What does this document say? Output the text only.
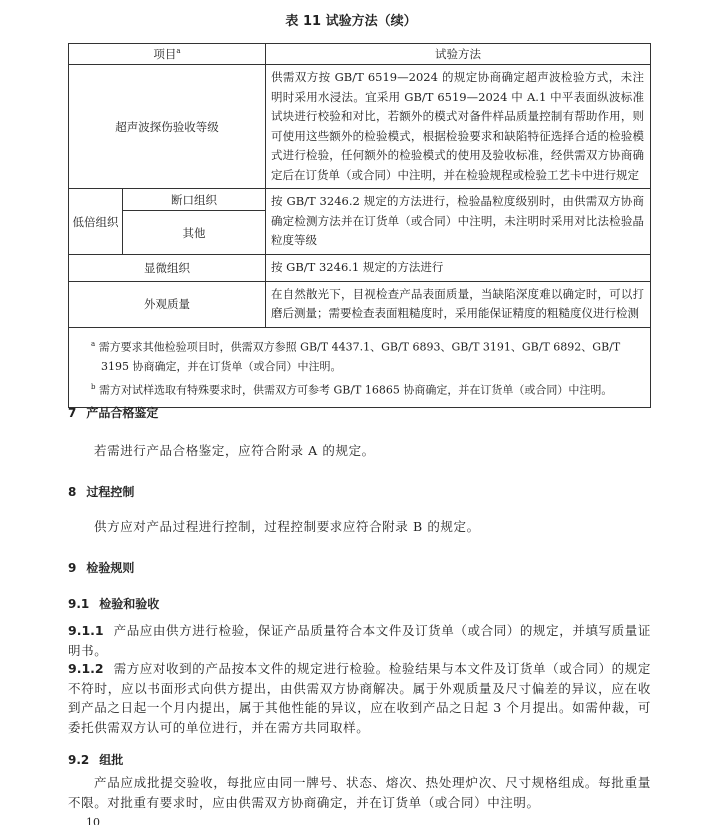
表 11 试验方法（续）
项目$^a$		试验方法
超声波探伤验收等级		供需双方按 GB/T 6519—2024 的规定协商确定超声波检验方式，未注明时采用水浸法。宜采用 GB/T 6519—2024 中 A.1 中平表面纵波标准试块进行校验和对比，若额外的模式对备件样品质量控制有帮助作用，则可使用这些额外的检验模式，根据检验要求和缺陷特征选择合适的检验模式进行检验，任何额外的检验模式的使用及验收标准，经供需双方协商确定后在订货单（或合同）中注明，并在检验规程或检验工艺卡中进行规定
低倍组织	断口组织	按 GB/T 3246.2 规定的方法进行，检验晶粒度级别时，由供需双方协商确定检测方法并在订货单（或合同）中注明，未注明时采用对比法检验晶粒度等级
	其他	
显微组织		按 GB/T 3246.1 规定的方法进行
外观质量		在自然散光下，目视检查产品表面质量，当缺陷深度难以确定时，可以打磨后测量；需要检查表面粗糙度时，采用能保证精度的粗糙度仪进行检测

$^a$ 需方要求其他检验项目时，供需双方参照 GB/T 4437.1、GB/T 6893、GB/T 3191、GB/T 6892、GB/T 3195 协商确定，并在订货单（或合同）中注明。

$^b$ 需方对试样选取有特殊要求时，供需双方可参考 GB/T 16865 协商确定，并在订货单（或合同）中注明。		

7 产品合格鉴定
若需进行产品合格鉴定，应符合附录 A 的规定。
8 过程控制
供方应对产品过程进行控制，过程控制要求应符合附录 B 的规定。
9 检验规则
9.1 检验和验收
9.1.1 产品应由供方进行检验，保证产品质量符合本文件及订货单（或合同）的规定，并填写质量证明书。
9.1.2 需方应对收到的产品按本文件的规定进行检验。检验结果与本文件及订货单（或合同）的规定不符时，应以书面形式向供方提出，由供需双方协商解决。属于外观质量及尺寸偏差的异议，应在收到产品之日起一个月内提出，属于其他性能的异议，应在收到产品之日起 3 个月提出。如需仲裁，可委托供需双方认可的单位进行，并在需方共同取样。
9.2 组批
产品应成批提交验收，每批应由同一牌号、状态、熔次、热处理炉次、尺寸规格组成。每批重量不限。对批重有要求时，应由供需双方协商确定，并在订货单（或合同）中注明。
10
